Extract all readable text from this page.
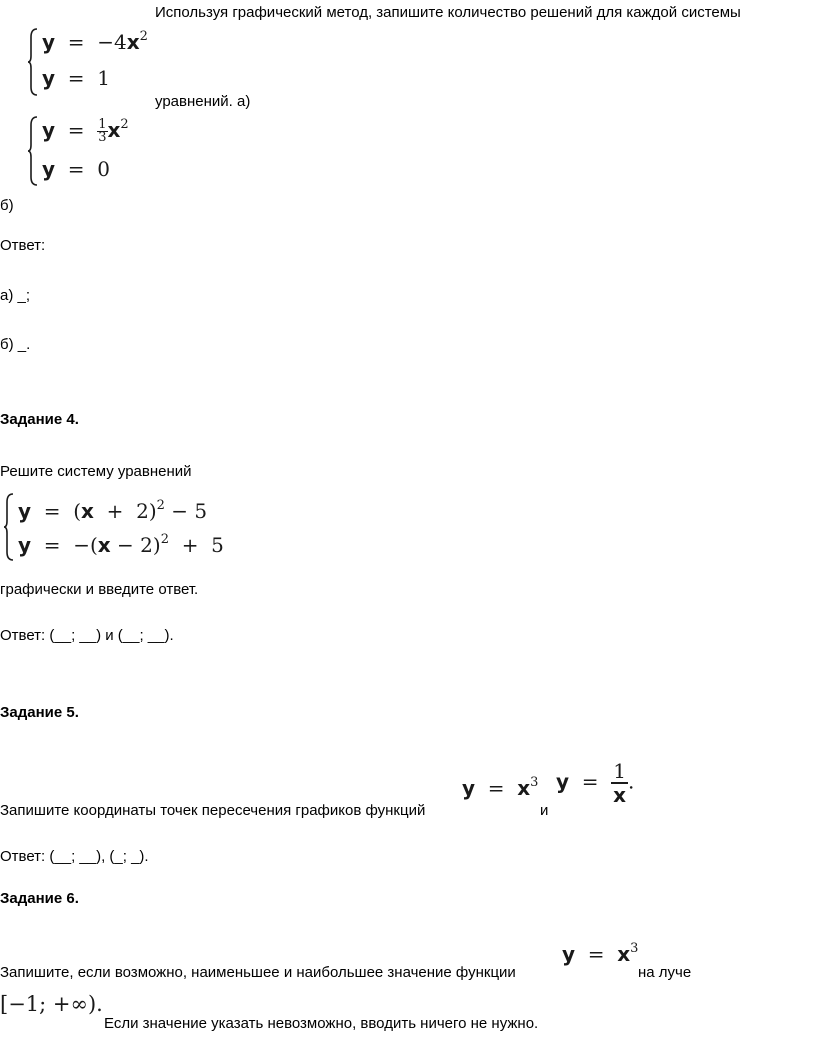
Используя графический метод, запишите количество решений для каждой системы
$y = -4x^2$
y  =  1
уравнений. а)
$y = \frac{1}{3} x^2$
y  =  0
б)
Ответ:
а) _;
б) _.
Задание 4.
Решите систему уравнений
$y = (x + 2)^2 - 5$
$y = -(x - 2)^2 + 5$
графически и введите ответ.
Ответ: (__; __) и (__; __).
Задание 5.
$y = x^3$ $y = \frac{1}{x}$ .
Запишите координаты точек пересечения графиков функций	и
Ответ: (__; __), (_; _).
Задание 6.
$y = x^3$
Запишите, если возможно, наименьшее и наибольшее значение функции	на луче
[−1; +∞).
Если значение указать невозможно, вводить ничего не нужно.
